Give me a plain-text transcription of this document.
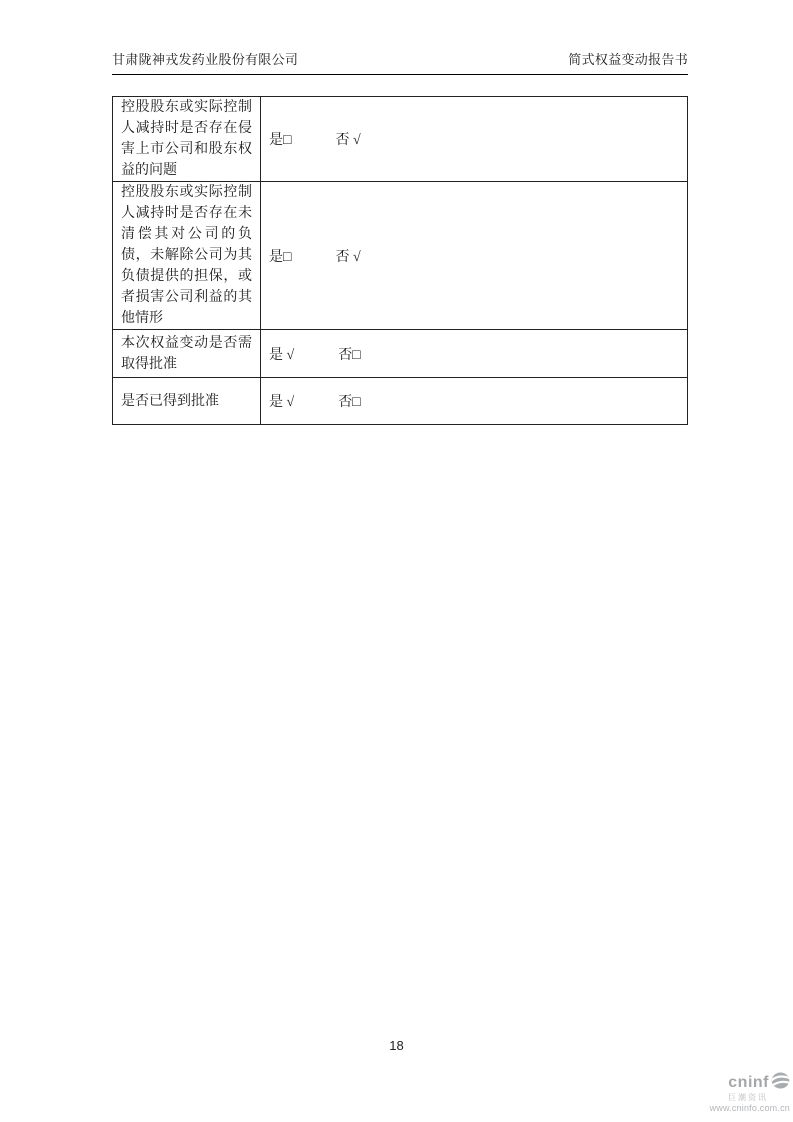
甘肃陇神戎发药业股份有限公司	简式权益变动报告书
控股股东或实际控制人减持时是否存在侵害上市公司和股东权益的问题	是□ 否 √
控股股东或实际控制人减持时是否存在未清偿其对公司的负债，未解除公司为其负债提供的担保，或者损害公司利益的其他情形	是□ 否 √
本次权益变动是否需取得批准	是 √ 否□
是否已得到批准	是 √ 否□
18
cninf
巨潮资讯
www.cninfo.com.cn
